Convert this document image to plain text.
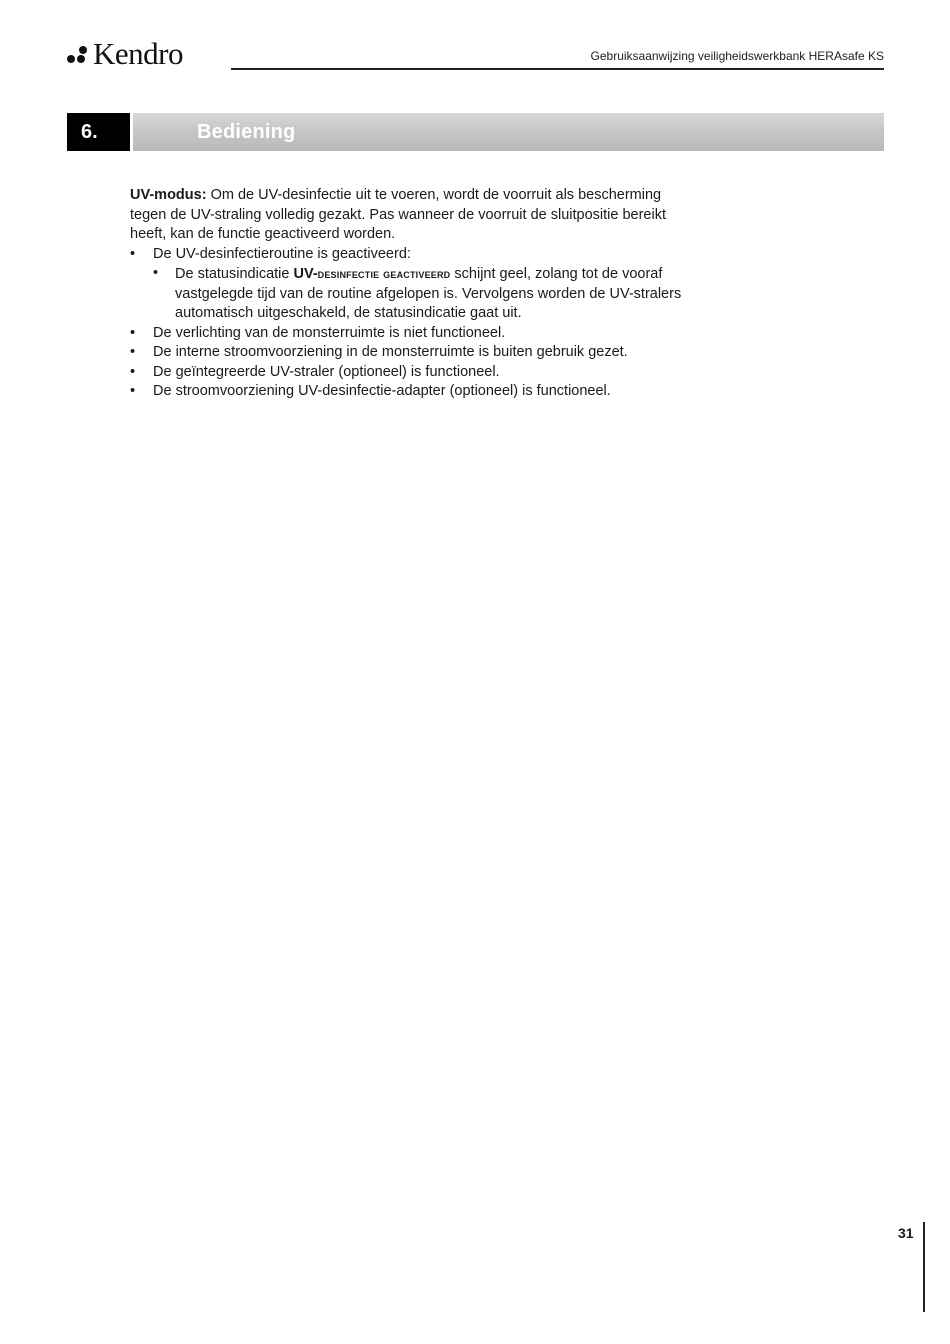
Kendro	Gebruiksaanwijzing veiligheidswerkbank HERAsafe KS
6.	Bediening

UV-modus: Om de UV-desinfectie uit te voeren, wordt de voorruit als bescherming tegen de UV-straling volledig gezakt. Pas wanneer de voorruit de sluitpositie bereikt heeft, kan de functie geactiveerd worden.

• De UV-desinfectieroutine is geactiveerd:
• De statusindicatie UV-desinfectie geactiveerd schijnt geel, zolang tot de vooraf vastgelegde tijd van de routine afgelopen is. Vervolgens worden de UV-stralers automatisch uitgeschakeld, de statusindicatie gaat uit.
• De verlichting van de monsterruimte is niet functioneel.
• De interne stroomvoorziening in de monsterruimte is buiten gebruik gezet.
• De geïntegreerde UV-straler (optioneel) is functioneel.
• De stroomvoorziening UV-desinfectie-adapter (optioneel) is functioneel.
31
